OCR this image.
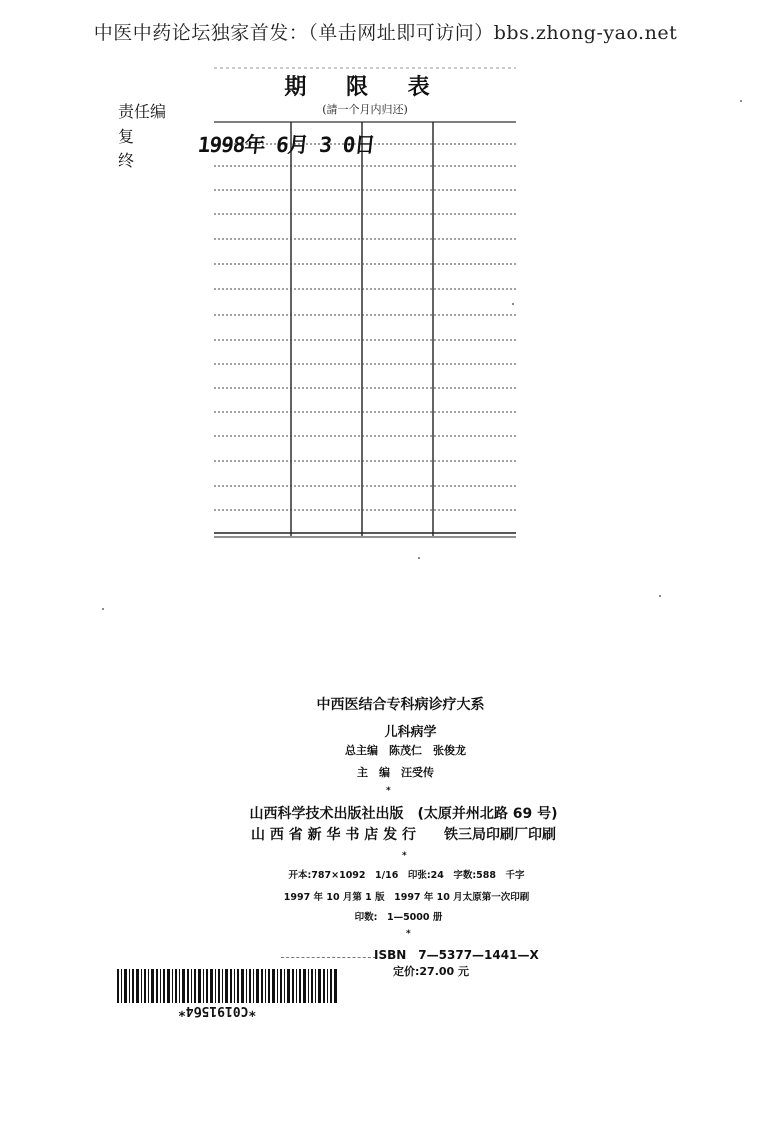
中医中药论坛独家首发：（单击网址即可访问）bbs.zhong-yao.net
期 限 表
(請一个月内归还)
1998年 6月 3 0日
责任编
复
终
中西医结合专科病诊疗大系
儿科病学
总主编　陈茂仁　张俊龙
主　编　汪受传
*
山西科学技术出版社出版　(太原并州北路 69 号)
山 西 省 新 华 书 店 发 行　　铁三局印刷厂印刷
*
开本:787×1092　1/16　印张:24　字数:588　千字
1997 年 10 月第 1 版　1997 年 10 月太原第一次印刷
印数:　1—5000 册
*
ISBN　7—5377—1441—X
定价:27.00 元
*C01915б4*
